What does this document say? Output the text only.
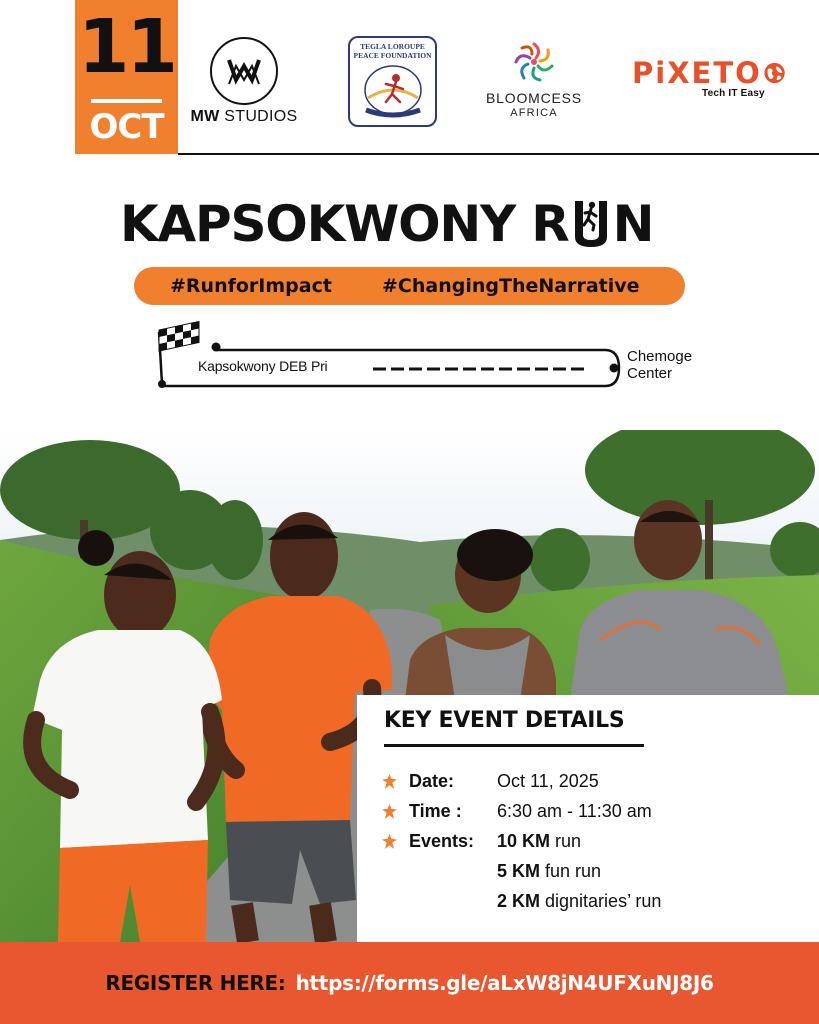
11
OCT	MW STUDIOS
TEGLA LOROUPE
PEACE FOUNDATION
BLOOMCESS
AFRICA
PiXETO
Tech IT Easy
KAPSOKWONY R N
#RunforImpact	#ChangingTheNarrative
Kapsokwony DEB Pri
Chemoge
Center
KEY EVENT DETAILS
Date:	Oct 11, 2025
Time :	6:30 am - 11:30 am
Events:	10 KM run
5 KM fun run
2 KM dignitaries’ run
REGISTER HERE: https://forms.gle/aLxW8jN4UFXuNJ8J6
